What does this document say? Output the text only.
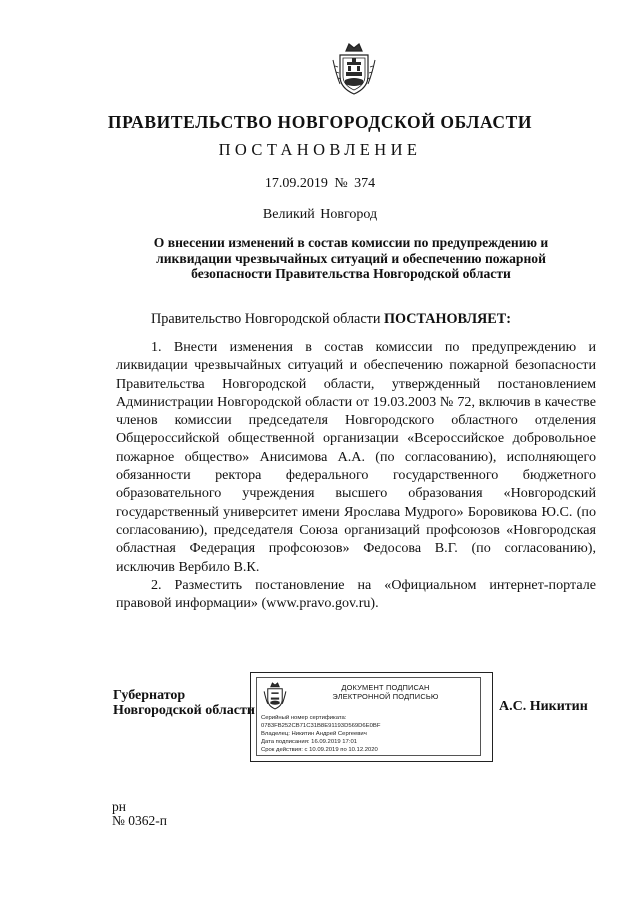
ПРАВИТЕЛЬСТВО НОВГОРОДСКОЙ ОБЛАСТИ
ПОСТАНОВЛЕНИЕ
17.09.2019 № 374
Великий Новгород
О внесении изменений в состав комиссии по предупреждению и ликвидации чрезвычайных ситуаций и обеспечению пожарной безопасности Правительства Новгородской области
Правительство Новгородской области ПОСТАНОВЛЯЕТ:

1. Внести изменения в состав комиссии по предупреждению и ликвидации чрезвычайных ситуаций и обеспечению пожарной безопасности Правительства Новгородской области, утвержденный постановлением Администрации Новгородской области от 19.03.2003 № 72, включив в качестве членов комиссии председателя Новгородского областного отделения Общероссийской общественной организации «Всероссийское добровольное пожарное общество» Анисимова А.А. (по согласованию), исполняющего обязанности ректора федерального государственного бюджетного образовательного учреждения высшего образования «Новгородский государственный университет имени Ярослава Мудрого» Боровикова Ю.С. (по согласованию), председателя Союза организаций профсоюзов «Новгородская областная Федерация профсоюзов» Федосова В.Г. (по согласованию), исключив Вербило В.К.

2. Разместить постановление на «Официальном интернет-портале правовой информации» (www.pravo.gov.ru).

Губернатор
Новгородской области
ДОКУМЕНТ ПОДПИСАН
ЭЛЕКТРОННОЙ ПОДПИСЬЮ
Серийный номер сертификата:
0783FB252CB71C31B8E91193D569D6E0BF
Владелец: Никитин Андрей Сергеевич
Дата подписания: 16.09.2019 17:01
Срок действия: с 10.09.2019 по 10.12.2020
А.С. Никитин
рн
№ 0362-п
